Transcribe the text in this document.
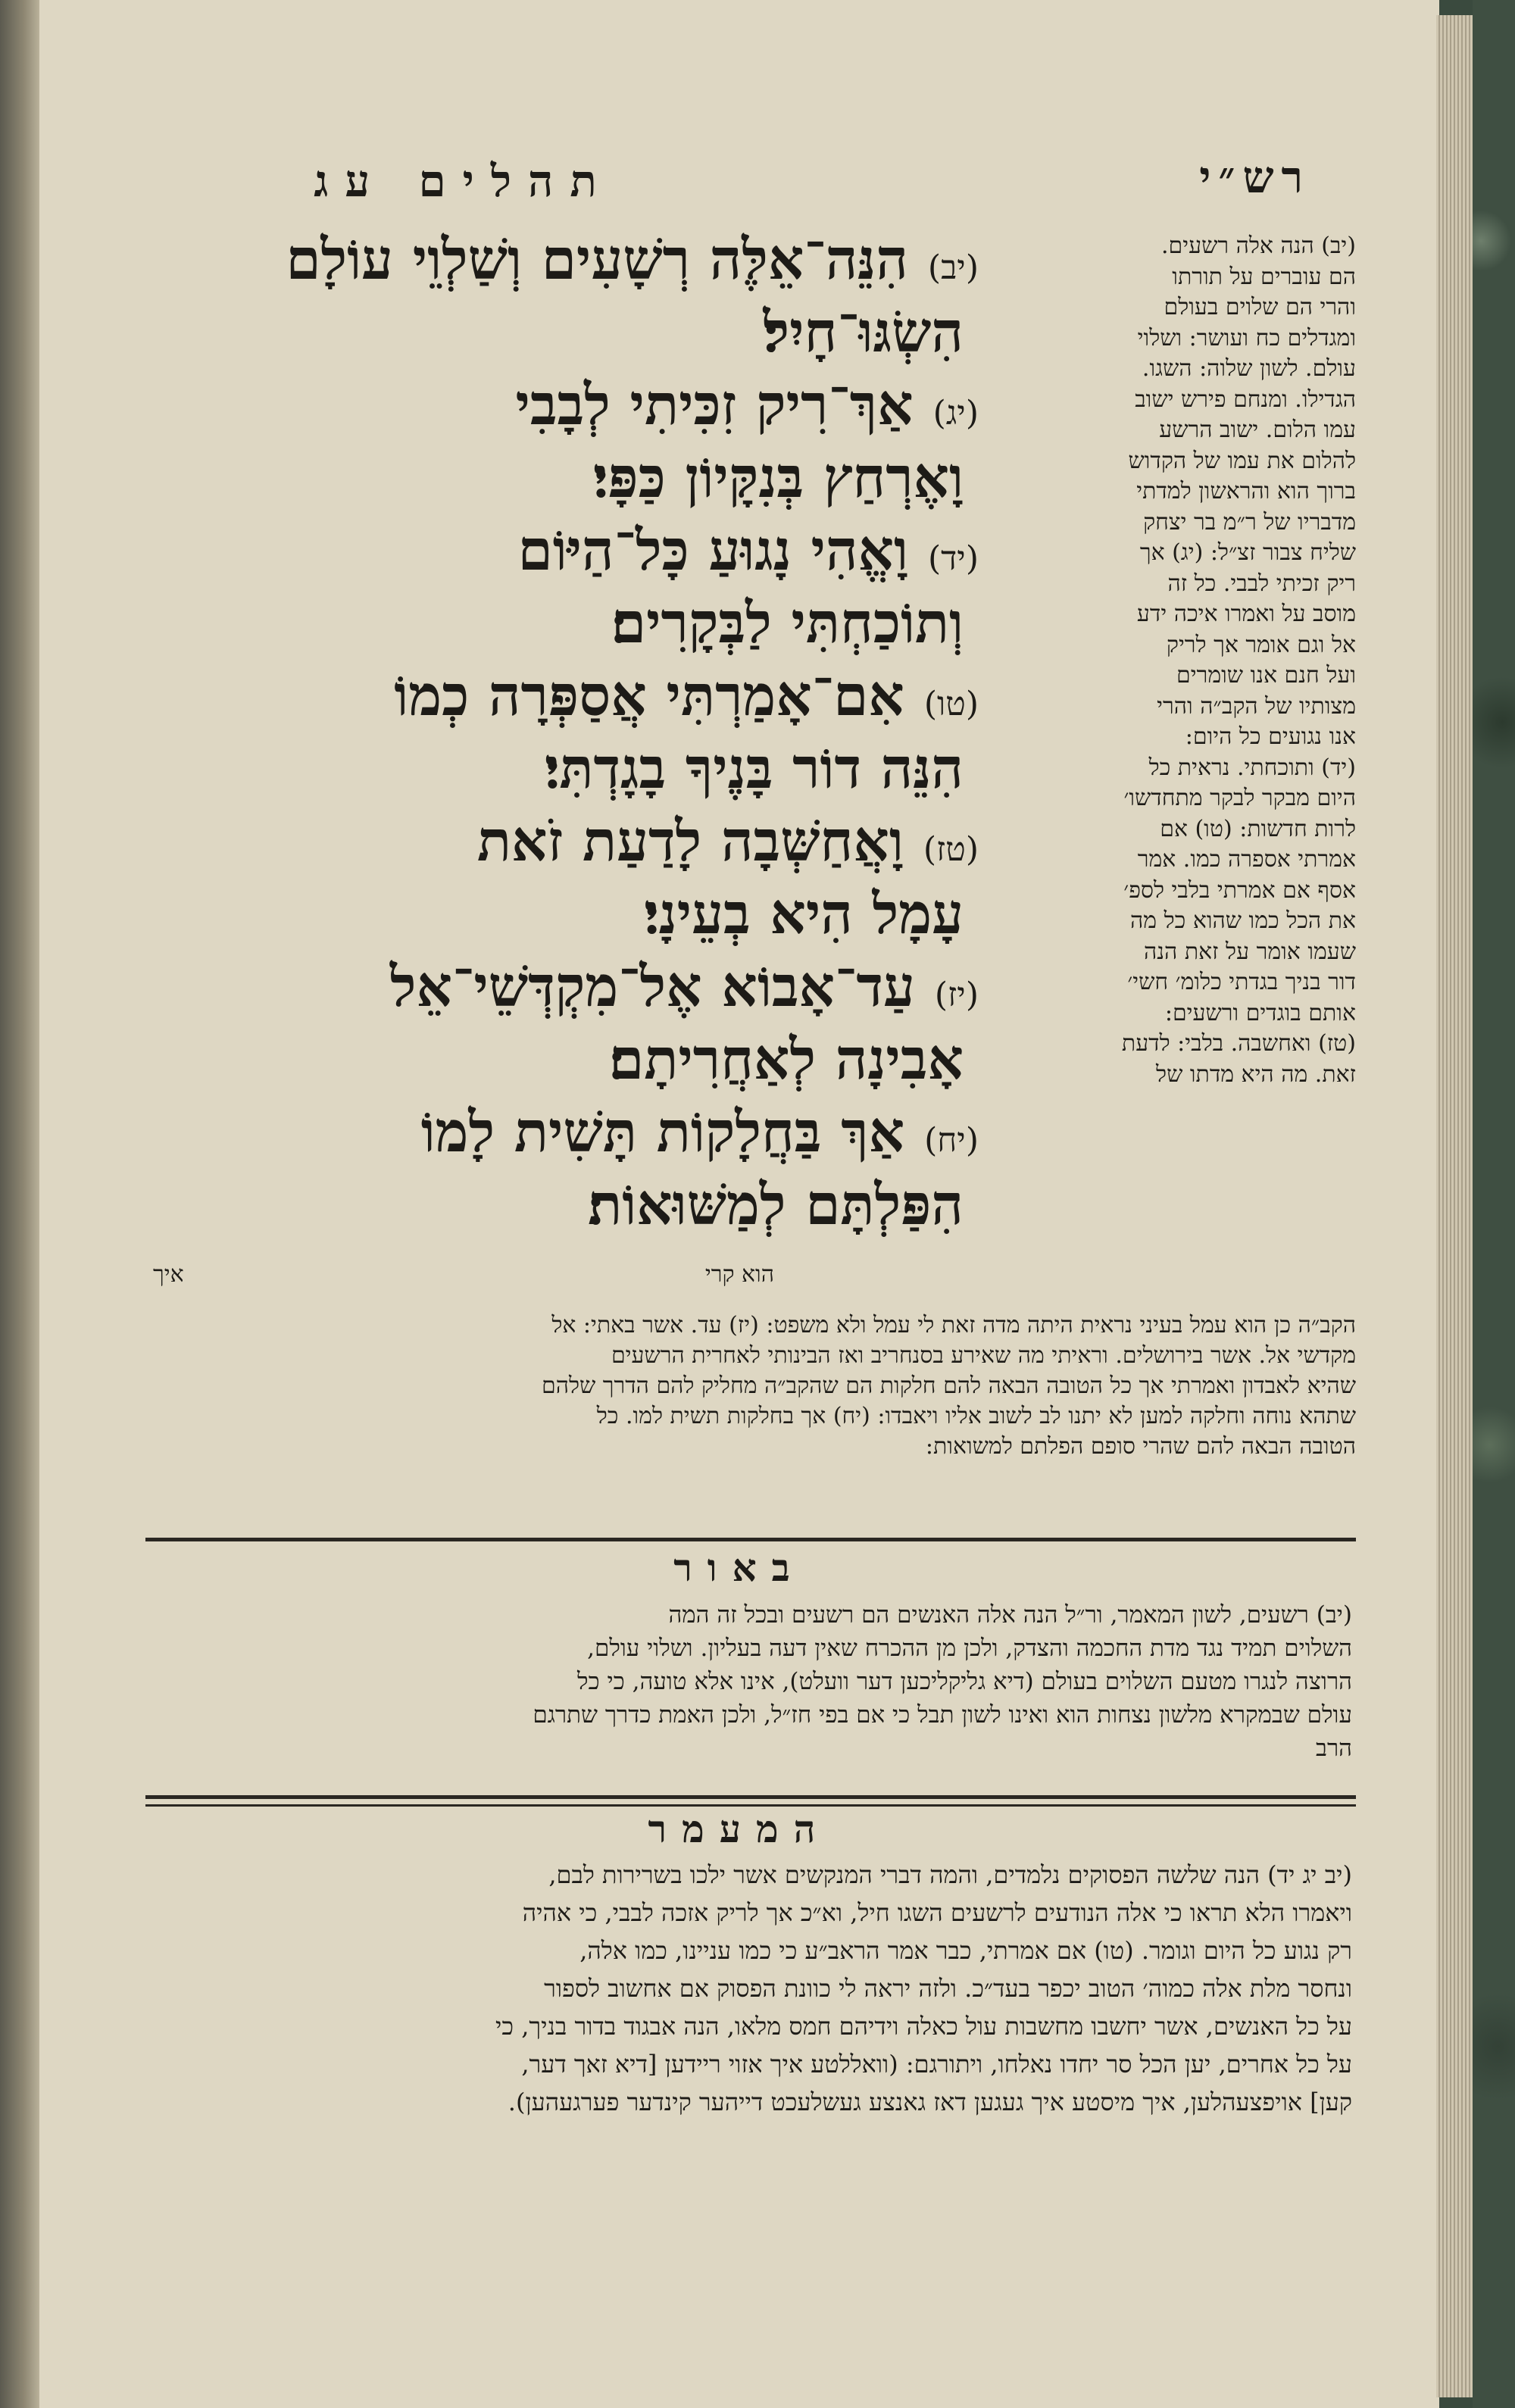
רש״י
תהלים עג
(יב)הִנֵּה־אֵלֶּה רְשָׁעִים וְשַׁלְוֵי עוֹלָם
הִשְׂגּוּ־חָיִל׃
(יג)אַךְ־רִיק זִכִּיתִי לְבָבִי
וָאֶרְחַץ בְּנִקָּיוֹן כַּפָּי׃
(יד)וָאֱהִי נָגוּעַ כָּל־הַיּוֹם
וְתוֹכַחְתִּי לַבְּקָרִים׃
(טו)אִם־אָמַרְתִּי אֲסַפְּרָה כְמוֹ
הִנֵּה דוֹר בָּנֶיךָ בָגָדְתִּי׃
(טז)וָאֲחַשְּׁבָה לָדַעַת זֹאת
עָמָל הִיא בְעֵינָי׃
(יז)עַד־אָבוֹא אֶל־מִקְדְּשֵׁי־אֵל
אָבִינָה לְאַחֲרִיתָם׃
(יח)אַךְ בַּחֲלָקוֹת תָּשִׁית לָמוֹ
הִפַּלְתָּם לְמַשּׁוּאוֹת׃
הוא קרי
איך
(יב) הנה אלה רשעים.
הם עוברים על תורתו
והרי הם שלוים בעולם
ומגדלים כח ועושר: ושלוי
עולם. לשון שלוה: השגו.
הגדילו. ומנחם פירש ישוב
עמו הלום. ישוב הרשע
להלום את עמו של הקדוש
ברוך הוא והראשון למדתי
מדבריו של ר״מ בר יצחק
שליח צבור זצ״ל: (יג) אך
ריק זכיתי לבבי. כל זה
מוסב על ואמרו איכה ידע
אל וגם אומר אך לריק
ועל חנם אנו שומרים
מצותיו של הקב״ה והרי
אנו נגועים כל היום:
(יד) ותוכחתי. נראית כל
היום מבקר לבקר מתחדשו׳
לרות חדשות: (טו) אם
אמרתי אספרה כמו. אמר
אסף אם אמרתי בלבי לספ׳
את הכל כמו שהוא כל מה
שעמו אומר על זאת הנה
דור בניך בגדתי כלומ׳ חשי׳
אותם בוגדים ורשעים:
(טז) ואחשבה. בלבי: לדעת
זאת. מה היא מדתו של
הקב״ה כן הוא עמל בעיני נראית היתה מדה זאת לי עמל ולא משפט: (יז) עד. אשר באתי: אל
מקדשי אל. אשר בירושלים. וראיתי מה שאירע בסנחריב ואז הבינותי לאחרית הרשעים
שהיא לאבדון ואמרתי אך כל הטובה הבאה להם חלקות הם שהקב״ה מחליק להם הדרך שלהם
שתהא נוחה וחלקה למען לא יתנו לב לשוב אליו ויאבדו: (יח) אך בחלקות תשית למו. כל
הטובה הבאה להם שהרי סופם הפלתם למשואות:
באור
(יב) רשעים, לשון המאמר, ור״ל הנה אלה האנשים הם רשעים ובכל זה המה
השלוים תמיד נגד מדת החכמה והצדק, ולכן מן ההכרח שאין דעה בעליון. ושלוי עולם,
הרוצה לנגרו מטעם השלוים בעולם (דיא גליקליכען דער וועלט), אינו אלא טועה, כי כל
עולם שבמקרא מלשון נצחות הוא ואינו לשון תבל כי אם בפי חז״ל, ולכן האמת כדרך שתרגם
הרב
המעמר
(יב יג יד) הנה שלשה הפסוקים נלמדים, והמה דברי המנקשים אשר ילכו בשרירות לבם,
ויאמרו הלא תראו כי אלה הנודעים לרשעים השגו חיל, וא״כ אך לריק אזכה לבבי, כי אהיה
רק נגוע כל היום וגומר. (טו) אם אמרתי, כבר אמר הראב״ע כי כמו עניינו, כמו אלה,
ונחסר מלת אלה כמוה׳ הטוב יכפר בעד״כ. ולזה יראה לי כוונת הפסוק אם אחשוב לספור
על כל האנשים, אשר יחשבו מחשבות עול כאלה וידיהם חמס מלאו, הנה אבגוד בדור בניך, כי
על כל אחרים, יען הכל סר יחדו נאלחו, ויתורגם: (וואללטע איך אזוי ריידען [דיא זאך דער,
קען] אויפצעהלען, איך מיסטע איך געגען דאז גאנצע געשלעכט דייהער קינדער פערגעהען).
